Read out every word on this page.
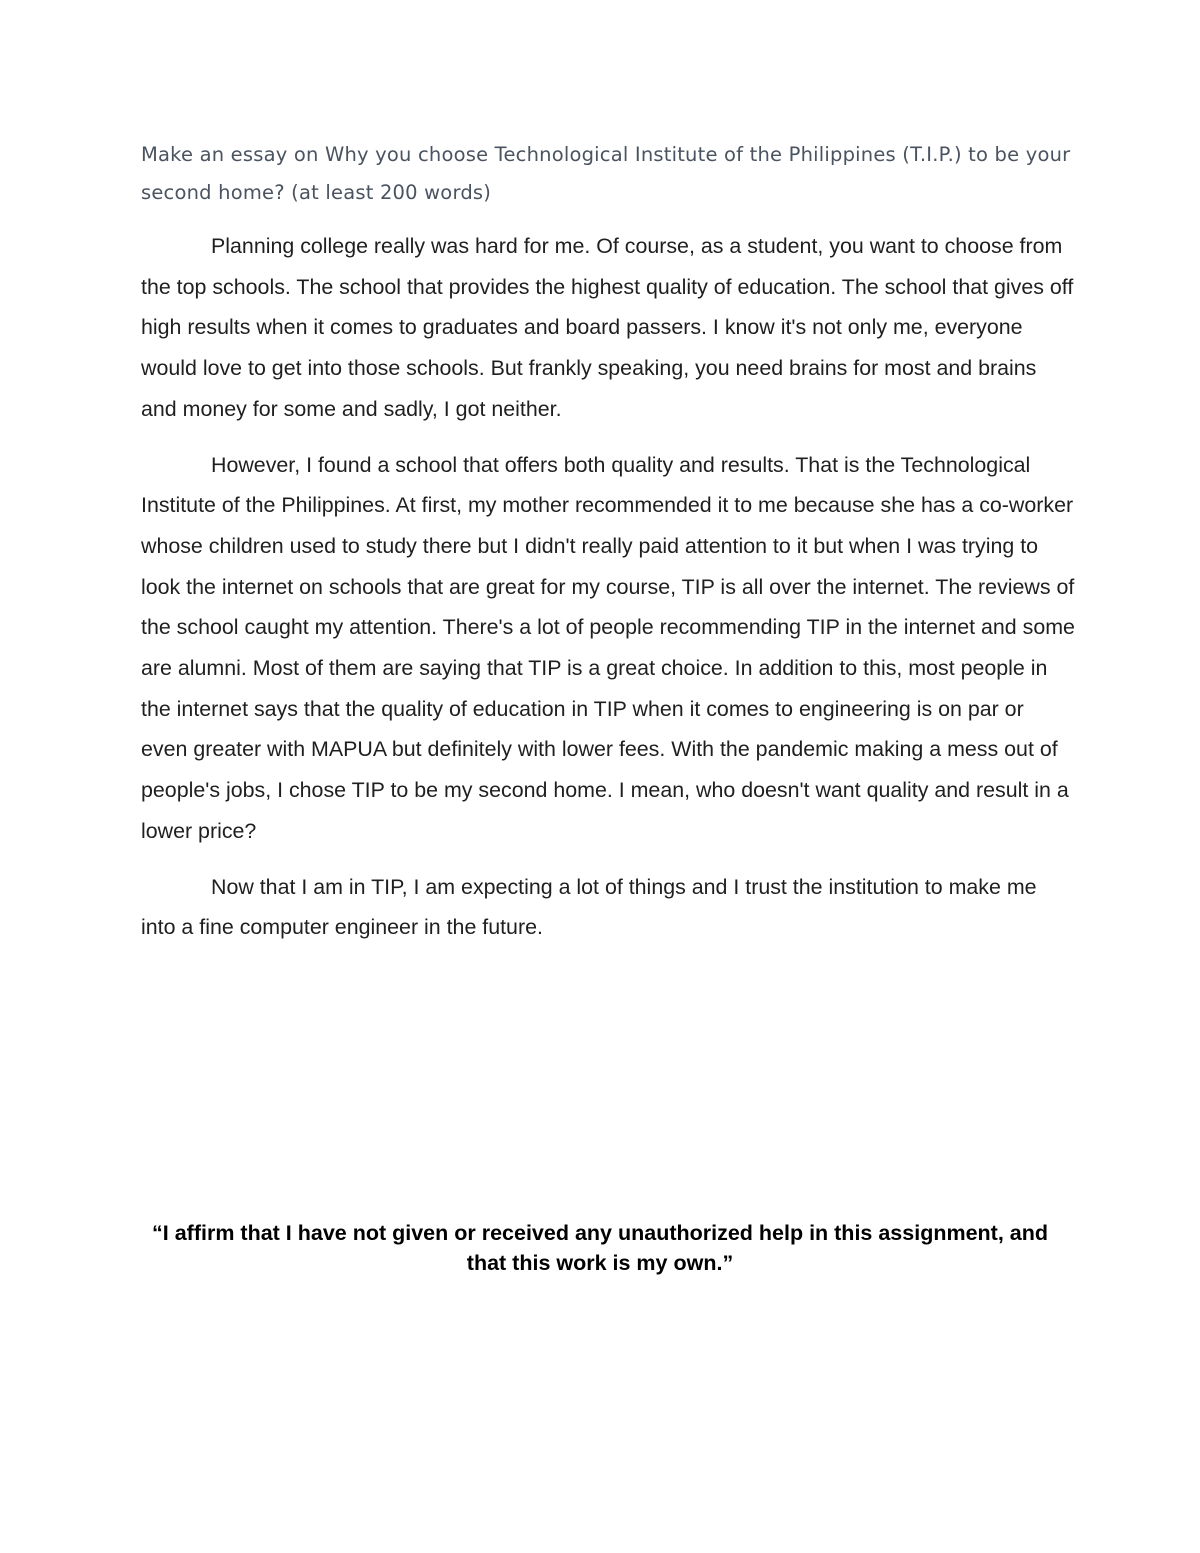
Make an essay on Why you choose Technological Institute of the Philippines (T.I.P.) to be your second home? (at least 200 words)

Planning college really was hard for me. Of course, as a student, you want to choose from the top schools. The school that provides the highest quality of education. The school that gives off high results when it comes to graduates and board passers. I know it's not only me, everyone would love to get into those schools. But frankly speaking, you need brains for most and brains and money for some and sadly, I got neither.

However, I found a school that offers both quality and results. That is the Technological Institute of the Philippines. At first, my mother recommended it to me because she has a co-worker whose children used to study there but I didn't really paid attention to it but when I was trying to look the internet on schools that are great for my course, TIP is all over the internet. The reviews of the school caught my attention. There's a lot of people recommending TIP in the internet and some are alumni. Most of them are saying that TIP is a great choice. In addition to this, most people in the internet says that the quality of education in TIP when it comes to engineering is on par or even greater with MAPUA but definitely with lower fees. With the pandemic making a mess out of people's jobs, I chose TIP to be my second home. I mean, who doesn't want quality and result in a lower price?

Now that I am in TIP, I am expecting a lot of things and I trust the institution to make me into a fine computer engineer in the future.

“I affirm that I have not given or received any unauthorized help in this assignment, and that this work is my own.”
